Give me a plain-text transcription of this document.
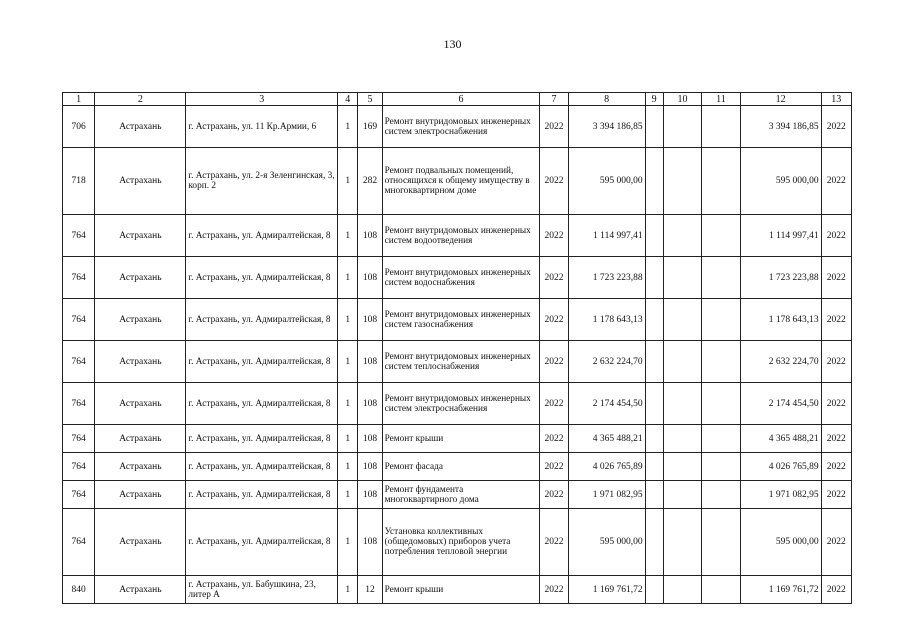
130
1	2	3	4	5	6	7	8	9	10	11	12	13
706	Астрахань	г. Астрахань, ул. 11 Кр.Армии, 6	1	169	Ремонт внутридомовых инженерных систем электроснабжения	2022	3 394 186,85				3 394 186,85	2022
718	Астрахань	г. Астрахань, ул. 2-я Зеленгинская, 3, корп. 2	1	282	Ремонт подвальных помещений, относящихся к общему имуществу в многоквартирном доме	2022	595 000,00				595 000,00	2022
764	Астрахань	г. Астрахань, ул. Адмиралтейская, 8	1	108	Ремонт внутридомовых инженерных систем водоотведения	2022	1 114 997,41				1 114 997,41	2022
764	Астрахань	г. Астрахань, ул. Адмиралтейская, 8	1	108	Ремонт внутридомовых инженерных систем водоснабжения	2022	1 723 223,88				1 723 223,88	2022
764	Астрахань	г. Астрахань, ул. Адмиралтейская, 8	1	108	Ремонт внутридомовых инженерных систем газоснабжения	2022	1 178 643,13				1 178 643,13	2022
764	Астрахань	г. Астрахань, ул. Адмиралтейская, 8	1	108	Ремонт внутридомовых инженерных систем теплоснабжения	2022	2 632 224,70				2 632 224,70	2022
764	Астрахань	г. Астрахань, ул. Адмиралтейская, 8	1	108	Ремонт внутридомовых инженерных систем электроснабжения	2022	2 174 454,50				2 174 454,50	2022
764	Астрахань	г. Астрахань, ул. Адмиралтейская, 8	1	108	Ремонт крыши	2022	4 365 488,21				4 365 488,21	2022
764	Астрахань	г. Астрахань, ул. Адмиралтейская, 8	1	108	Ремонт фасада	2022	4 026 765,89				4 026 765,89	2022
764	Астрахань	г. Астрахань, ул. Адмиралтейская, 8	1	108	Ремонт фундамента многоквартирного дома	2022	1 971 082,95				1 971 082,95	2022
764	Астрахань	г. Астрахань, ул. Адмиралтейская, 8	1	108	Установка коллективных (общедомовых) приборов учета потребления тепловой энергии	2022	595 000,00				595 000,00	2022
840	Астрахань	г. Астрахань, ул. Бабушкина, 23, литер А	1	12	Ремонт крыши	2022	1 169 761,72				1 169 761,72	2022
